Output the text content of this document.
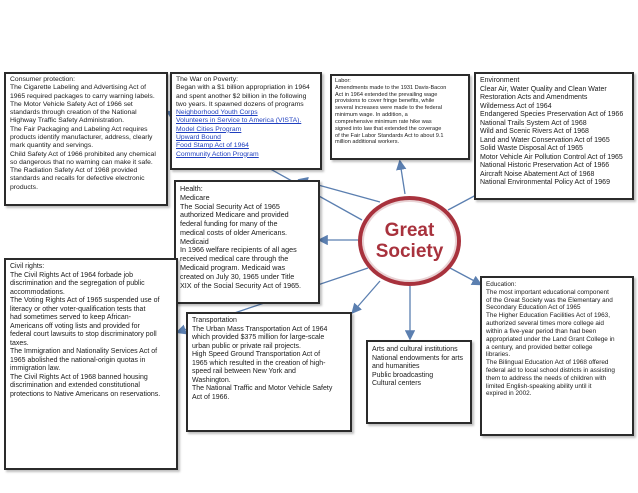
Consumer protection:
The Cigarette Labeling and Advertising Act of
1965 required packages to carry warning labels.
The Motor Vehicle Safety Act of 1966 set
standards through creation of the National
Highway Traffic Safety Administration.
The Fair Packaging and Labeling Act requires
products identify manufacturer, address, clearly
mark quantity and servings.
Child Safety Act of 1966 prohibited any chemical
so dangerous that no warning can make it safe.
The Radiation Safety Act of 1968 provided
standards and recalls for defective electronic
products.
The War on Poverty:
Began with a $1 billion appropriation in 1964
and spent another $2 billion in the following
two years. It spawned dozens of programs
Neighborhood Youth Corps
Volunteers in Service to America (VISTA).
Model Cities Program
Upward Bound
Food Stamp Act of 1964
Community Action Program
Labor:
Amendments made to the 1931 Davis-Bacon
Act in 1964 extended the prevailing wage
provisions to cover fringe benefits, while
several increases were made to the federal
minimum wage. In addition, a
comprehensive minimum rate hike was
signed into law that extended the coverage
of the Fair Labor Standards Act to about 9.1
million additional workers.
Environment
Clear Air, Water Quality and Clean Water
Restoration Acts and Amendments
Wilderness Act of 1964
Endangered Species Preservation Act of 1966
National Trails System Act of 1968
Wild and Scenic Rivers Act of 1968
Land and Water Conservation Act of 1965
Solid Waste Disposal Act of 1965
Motor Vehicle Air Pollution Control Act of 1965
National Historic Preservation Act of 1966
Aircraft Noise Abatement Act of 1968
National Environmental Policy Act of 1969
Health:
Medicare
The Social Security Act of 1965
authorized Medicare and provided
federal funding for many of the
medical costs of older Americans.
Medicaid
In 1966 welfare recipients of all ages
received medical care through the
Medicaid program. Medicaid was
created on July 30, 1965 under Title
XIX of the Social Security Act of 1965.
Great
Society
Civil rights:
The Civil Rights Act of 1964 forbade job
discrimination and the segregation of public
accommodations.
The Voting Rights Act of 1965 suspended use of
literacy or other voter-qualification tests that
had sometimes served to keep African-
Americans off voting lists and provided for
federal court lawsuits to stop discriminatory poll
taxes.
The Immigration and Nationality Services Act of
1965 abolished the national-origin quotas in
immigration law.
The Civil Rights Act of 1968 banned housing
discrimination and extended constitutional
protections to Native Americans on reservations.
Transportation
The Urban Mass Transportation Act of 1964
which provided $375 million for large-scale
urban public or private rail projects.
High Speed Ground Transportation Act of
1965 which resulted in the creation of high-
speed rail between New York and
Washington.
The National Traffic and Motor Vehicle Safety
Act of 1966.
Arts and cultural institutions
National endowments for arts
and humanities
Public broadcasting
Cultural centers
Education:
The most important educational component
of the Great Society was the Elementary and
Secondary Education Act of 1965
The Higher Education Facilities Act of 1963,
authorized several times more college aid
within a five-year period than had been
appropriated under the Land Grant College in
a century, and provided better college
libraries.
The Bilingual Education Act of 1968 offered
federal aid to local school districts in assisting
them to address the needs of children with
limited English-speaking ability until it
expired in 2002.
